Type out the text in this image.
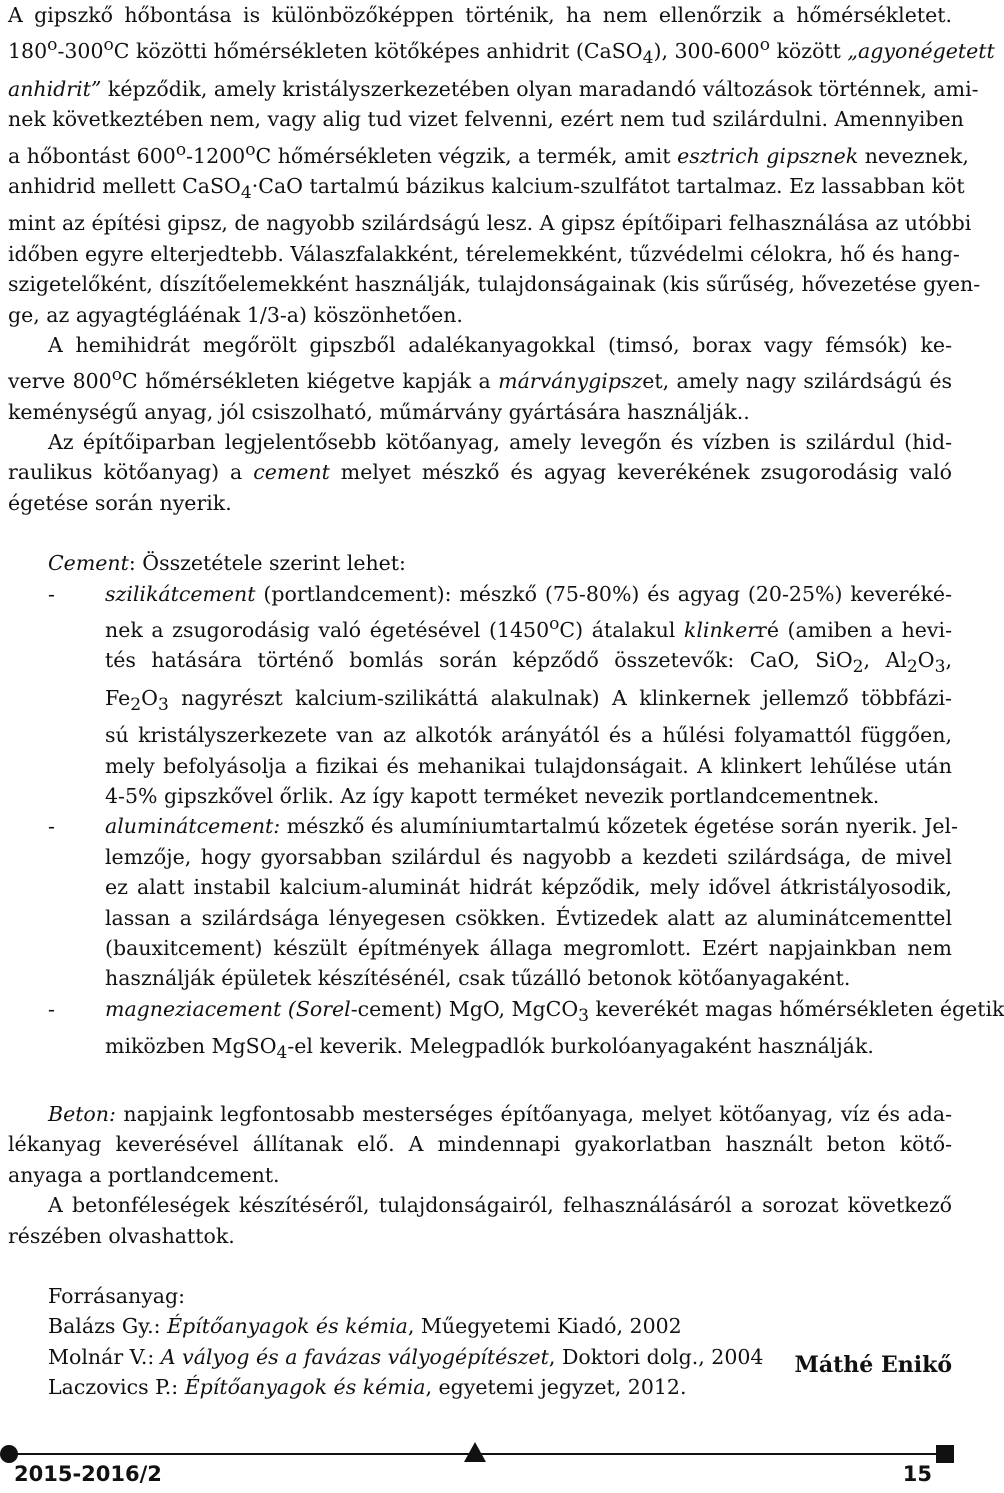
A gipszkő hőbontása is különbözőképpen történik, ha nem ellenőrzik a hőmérsékletet.
180$^o$-300$^o$C közötti hőmérsékleten kötőképes anhidrit (CaSO$_4$), 300-600$^o$ között „agyonégetett
anhidrit” képződik, amely kristályszerkezetében olyan maradandó változások történnek, ami-
nek következtében nem, vagy alig tud vizet felvenni, ezért nem tud szilárdulni. Amennyiben
a hőbontást 600$^o$-1200$^o$C hőmérsékleten végzik, a termék, amit esztrich gipsznek neveznek,
anhidrid mellett CaSO$_4$·CaO tartalmú bázikus kalcium-szulfátot tartalmaz. Ez lassabban köt
mint az építési gipsz, de nagyobb szilárdságú lesz. A gipsz építőipari felhasználása az utóbbi
időben egyre elterjedtebb. Válaszfalakként, térelemekként, tűzvédelmi célokra, hő és hang-
szigetelőként, díszítőelemekként használják, tulajdonságainak (kis sűrűség, hővezetése gyen-
ge, az agyagtégláénak 1/3-a) köszönhetően.
A hemihidrát megőrölt gipszből adalékanyagokkal (timsó, borax vagy fémsók) ke-
verve 800$^o$C hőmérsékleten kiégetve kapják a márványgipszet, amely nagy szilárdságú és
keménységű anyag, jól csiszolható, műmárvány gyártására használják..
Az építőiparban legjelentősebb kötőanyag, amely levegőn és vízben is szilárdul (hid-
raulikus kötőanyag) a cement melyet mészkő és agyag keverékének zsugorodásig való
égetése során nyerik.
Cement: Összetétele szerint lehet:
- szilikátcement (portlandcement): mészkő (75-80%) és agyag (20-25%) keveréké-
nek a zsugorodásig való égetésével (1450$^o$C) átalakul klinkerré (amiben a hevi-
tés hatására történő bomlás során képződő összetevők: CaO, SiO$_2$, $Al_2O_3$,
$Fe_2O_3$ nagyrészt kalcium-szilikáttá alakulnak) A klinkernek jellemző többfázi-
sú kristályszerkezete van az alkotók arányától és a hűlési folyamattól függően,
mely befolyásolja a fizikai és mehanikai tulajdonságait. A klinkert lehűlése után
4-5% gipszkővel őrlik. Az így kapott terméket nevezik portlandcementnek.
- aluminátcement: mészkő és alumíniumtartalmú kőzetek égetése során nyerik. Jel-
lemzője, hogy gyorsabban szilárdul és nagyobb a kezdeti szilárdsága, de mivel
ez alatt instabil kalcium-aluminát hidrát képződik, mely idővel átkristályosodik,
lassan a szilárdsága lényegesen csökken. Évtizedek alatt az aluminátcementtel
(bauxitcement) készült építmények állaga megromlott. Ezért napjainkban nem
használják épületek készítésénél, csak tűzálló betonok kötőanyagaként.
- magneziacement (Sorel-cement) MgO, MgCO$_3$ keverékét magas hőmérsékleten égetik
miközben MgSO$_4$-el keverik. Melegpadlók burkolóanyagaként használják.
Beton: napjaink legfontosabb mesterséges építőanyaga, melyet kötőanyag, víz és ada-
lékanyag keverésével állítanak elő. A mindennapi gyakorlatban használt beton kötő-
anyaga a portlandcement.
A betonféleségek készítéséről, tulajdonságairól, felhasználásáról a sorozat következő
részében olvashattok.
Forrásanyag:
Balázs Gy.: Építőanyagok és kémia, Műegyetemi Kiadó, 2002
Molnár V.: A vályog és a favázas vályogépítészet, Doktori dolg., 2004
Laczovics P.: Építőanyagok és kémia, egyetemi jegyzet, 2012.
Máthé Enikő
2015-2016/2	15
